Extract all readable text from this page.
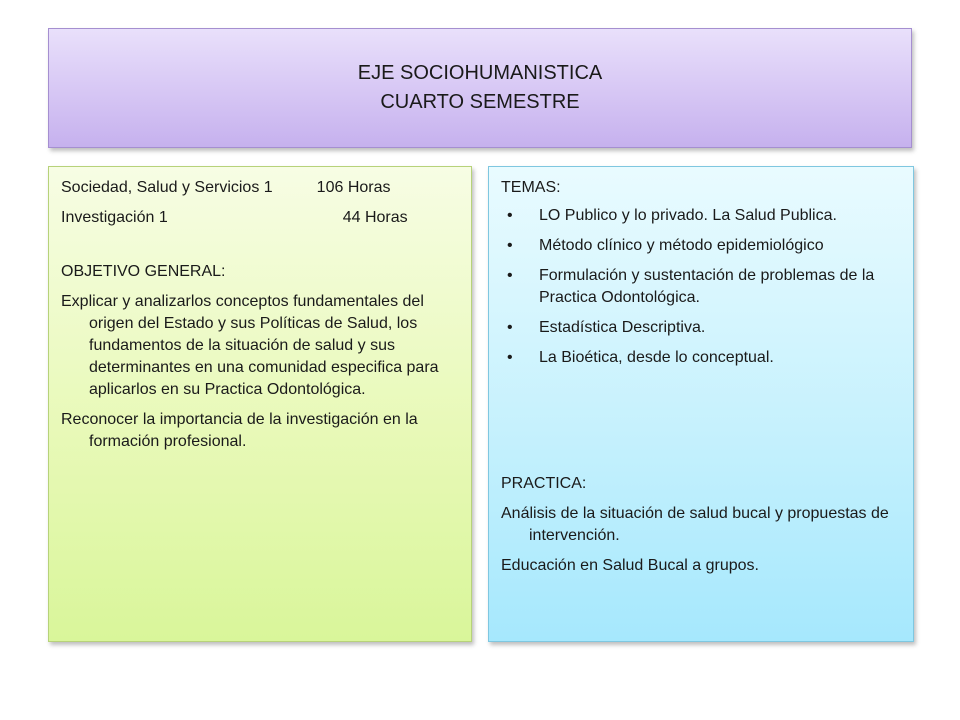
EJE SOCIOHUMANISTICA
CUARTO SEMESTRE
Sociedad, Salud y Servicios 1	106 Horas
Investigación 1	44 Horas

OBJETIVO GENERAL:

Explicar y analizarlos conceptos fundamentales del origen del Estado y sus Políticas de Salud, los fundamentos de la situación de salud y sus determinantes en una comunidad especifica para aplicarlos en su Practica Odontológica.

Reconocer la importancia de la investigación en la formación profesional.

TEMAS:

• LO Publico y lo privado. La Salud Publica.
• Método clínico y método epidemiológico
• Formulación y sustentación de problemas de la Practica Odontológica.
• Estadística Descriptiva.
• La Bioética, desde lo conceptual.

PRACTICA:

Análisis de la situación de salud bucal y propuestas de intervención.

Educación en Salud Bucal a grupos.
